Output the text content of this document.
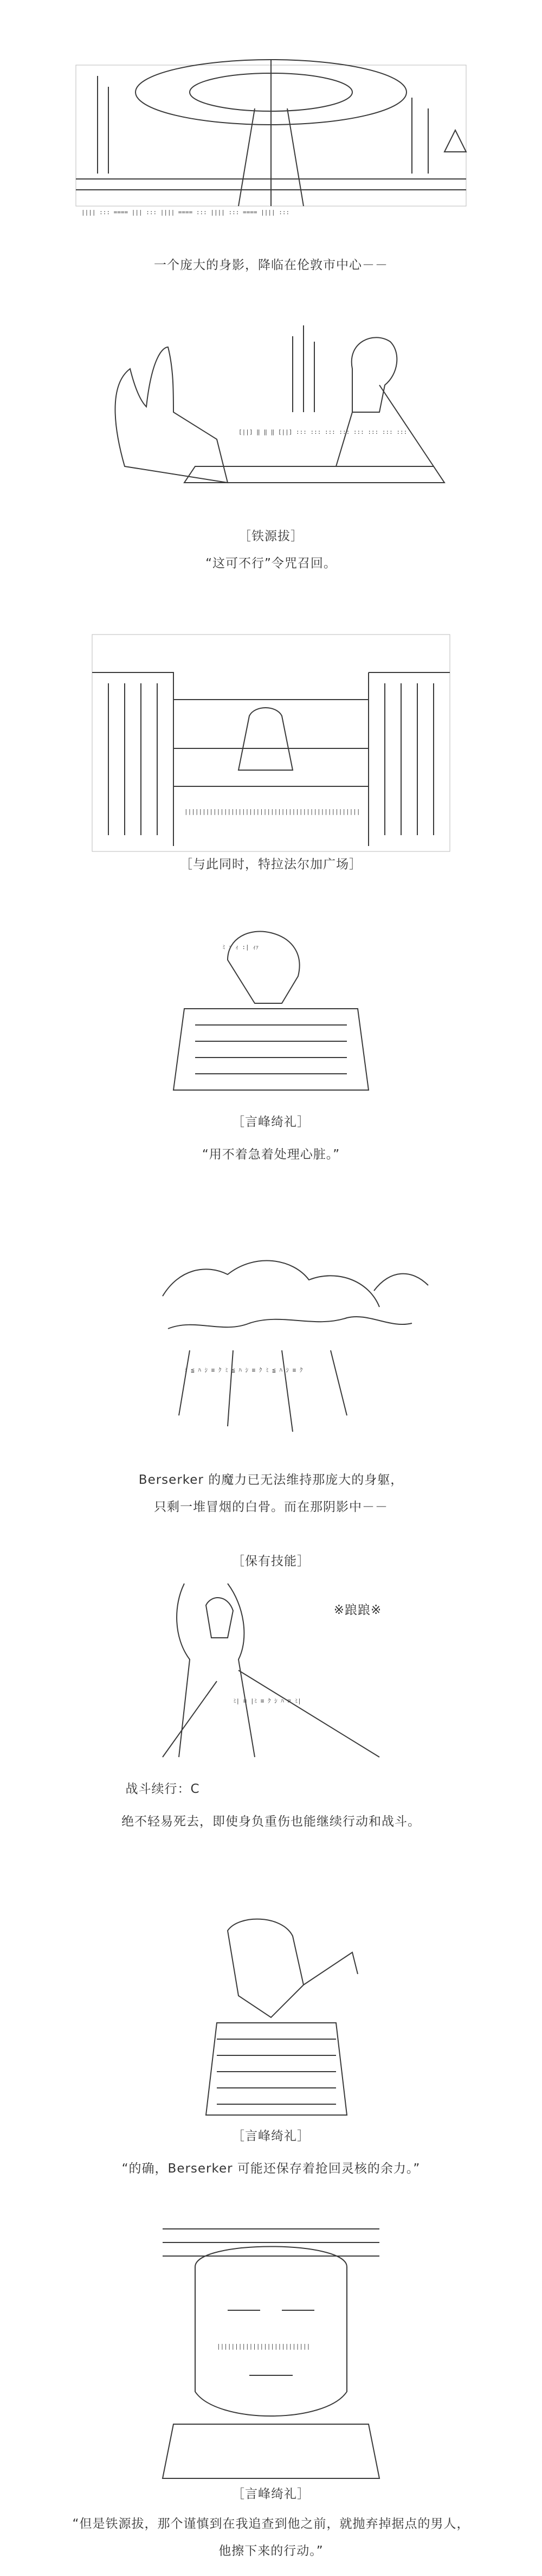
|||| ::: ==== ||| ::: |||| ==== ::: |||| ::: ==== |||| :::
一个庞大的身影，降临在伦敦市中心－－
[||] ‖ ‖ ‖ [||] ::: ::: ::: ::: ::: ::: ::: :::
［铁源拔］
“这可不行”令咒召回。
|||||||||||||||||||||||||||||||||||||||||||||||||
［与此同时，特拉法尔加广场］
ﾐ ｧ ｨ :| ｨｧ
［言峰绮礼］
“用不着急着处理心脏。”
ﾐ ≦ ﾊ ｼ ≡ ｸ ﾐ ≦ ﾊ ｼ ≡ ｸ ﾐ ≦ ﾊ ｼ ≡ ｸ
Berserker 的魔力已无法维持那庞大的身躯，
只剩一堆冒烟的白骨。而在那阴影中－－
［保有技能］
ﾐ| ≡ |ﾐ ≡ ｸ ｼ ﾊ ≡ ﾐ|
※踉踉※
战斗续行：C
绝不轻易死去，即使身负重伤也能继续行动和战斗。
［言峰绮礼］
“的确，Berserker 可能还保存着抢回灵核的余力。”
||||||||||||||||||||||||||
［言峰绮礼］
“但是铁源拔，那个谨慎到在我追查到他之前，就抛弃掉据点的男人，
他擦下来的行动。”
